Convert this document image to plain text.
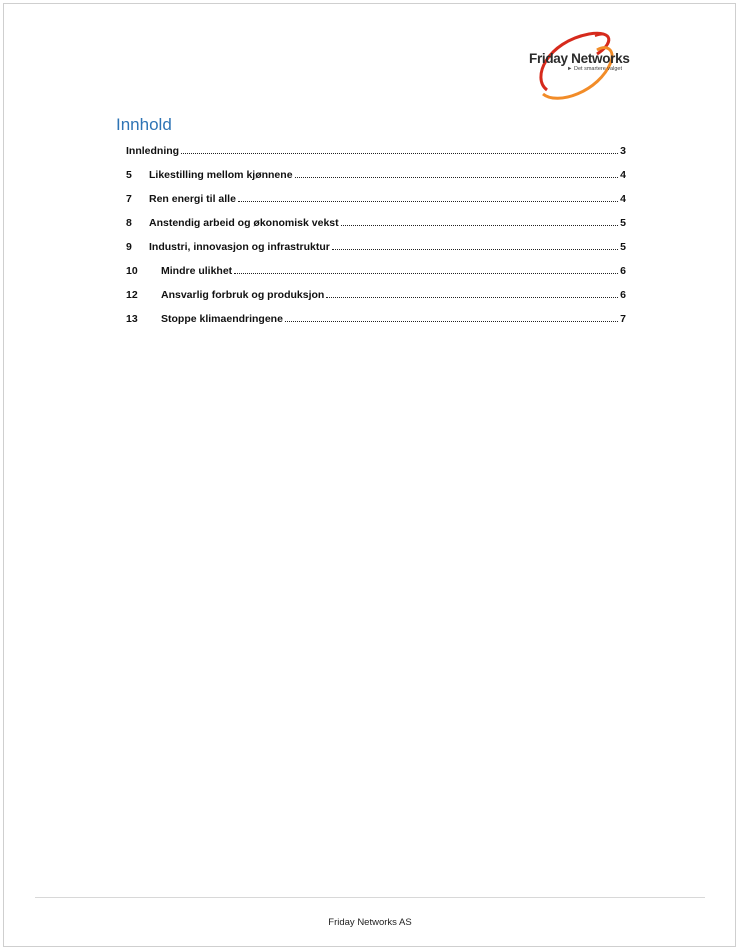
Friday Networks
► Det smartere valget
Innhold
Innledning	3
5	Likestilling mellom kjønnene	4
7	Ren energi til alle	4
8	Anstendig arbeid og økonomisk vekst	5
9	Industri, innovasjon og infrastruktur	5
10	Mindre ulikhet	6
12	Ansvarlig forbruk og produksjon	6
13	Stoppe klimaendringene	7
Friday Networks AS
